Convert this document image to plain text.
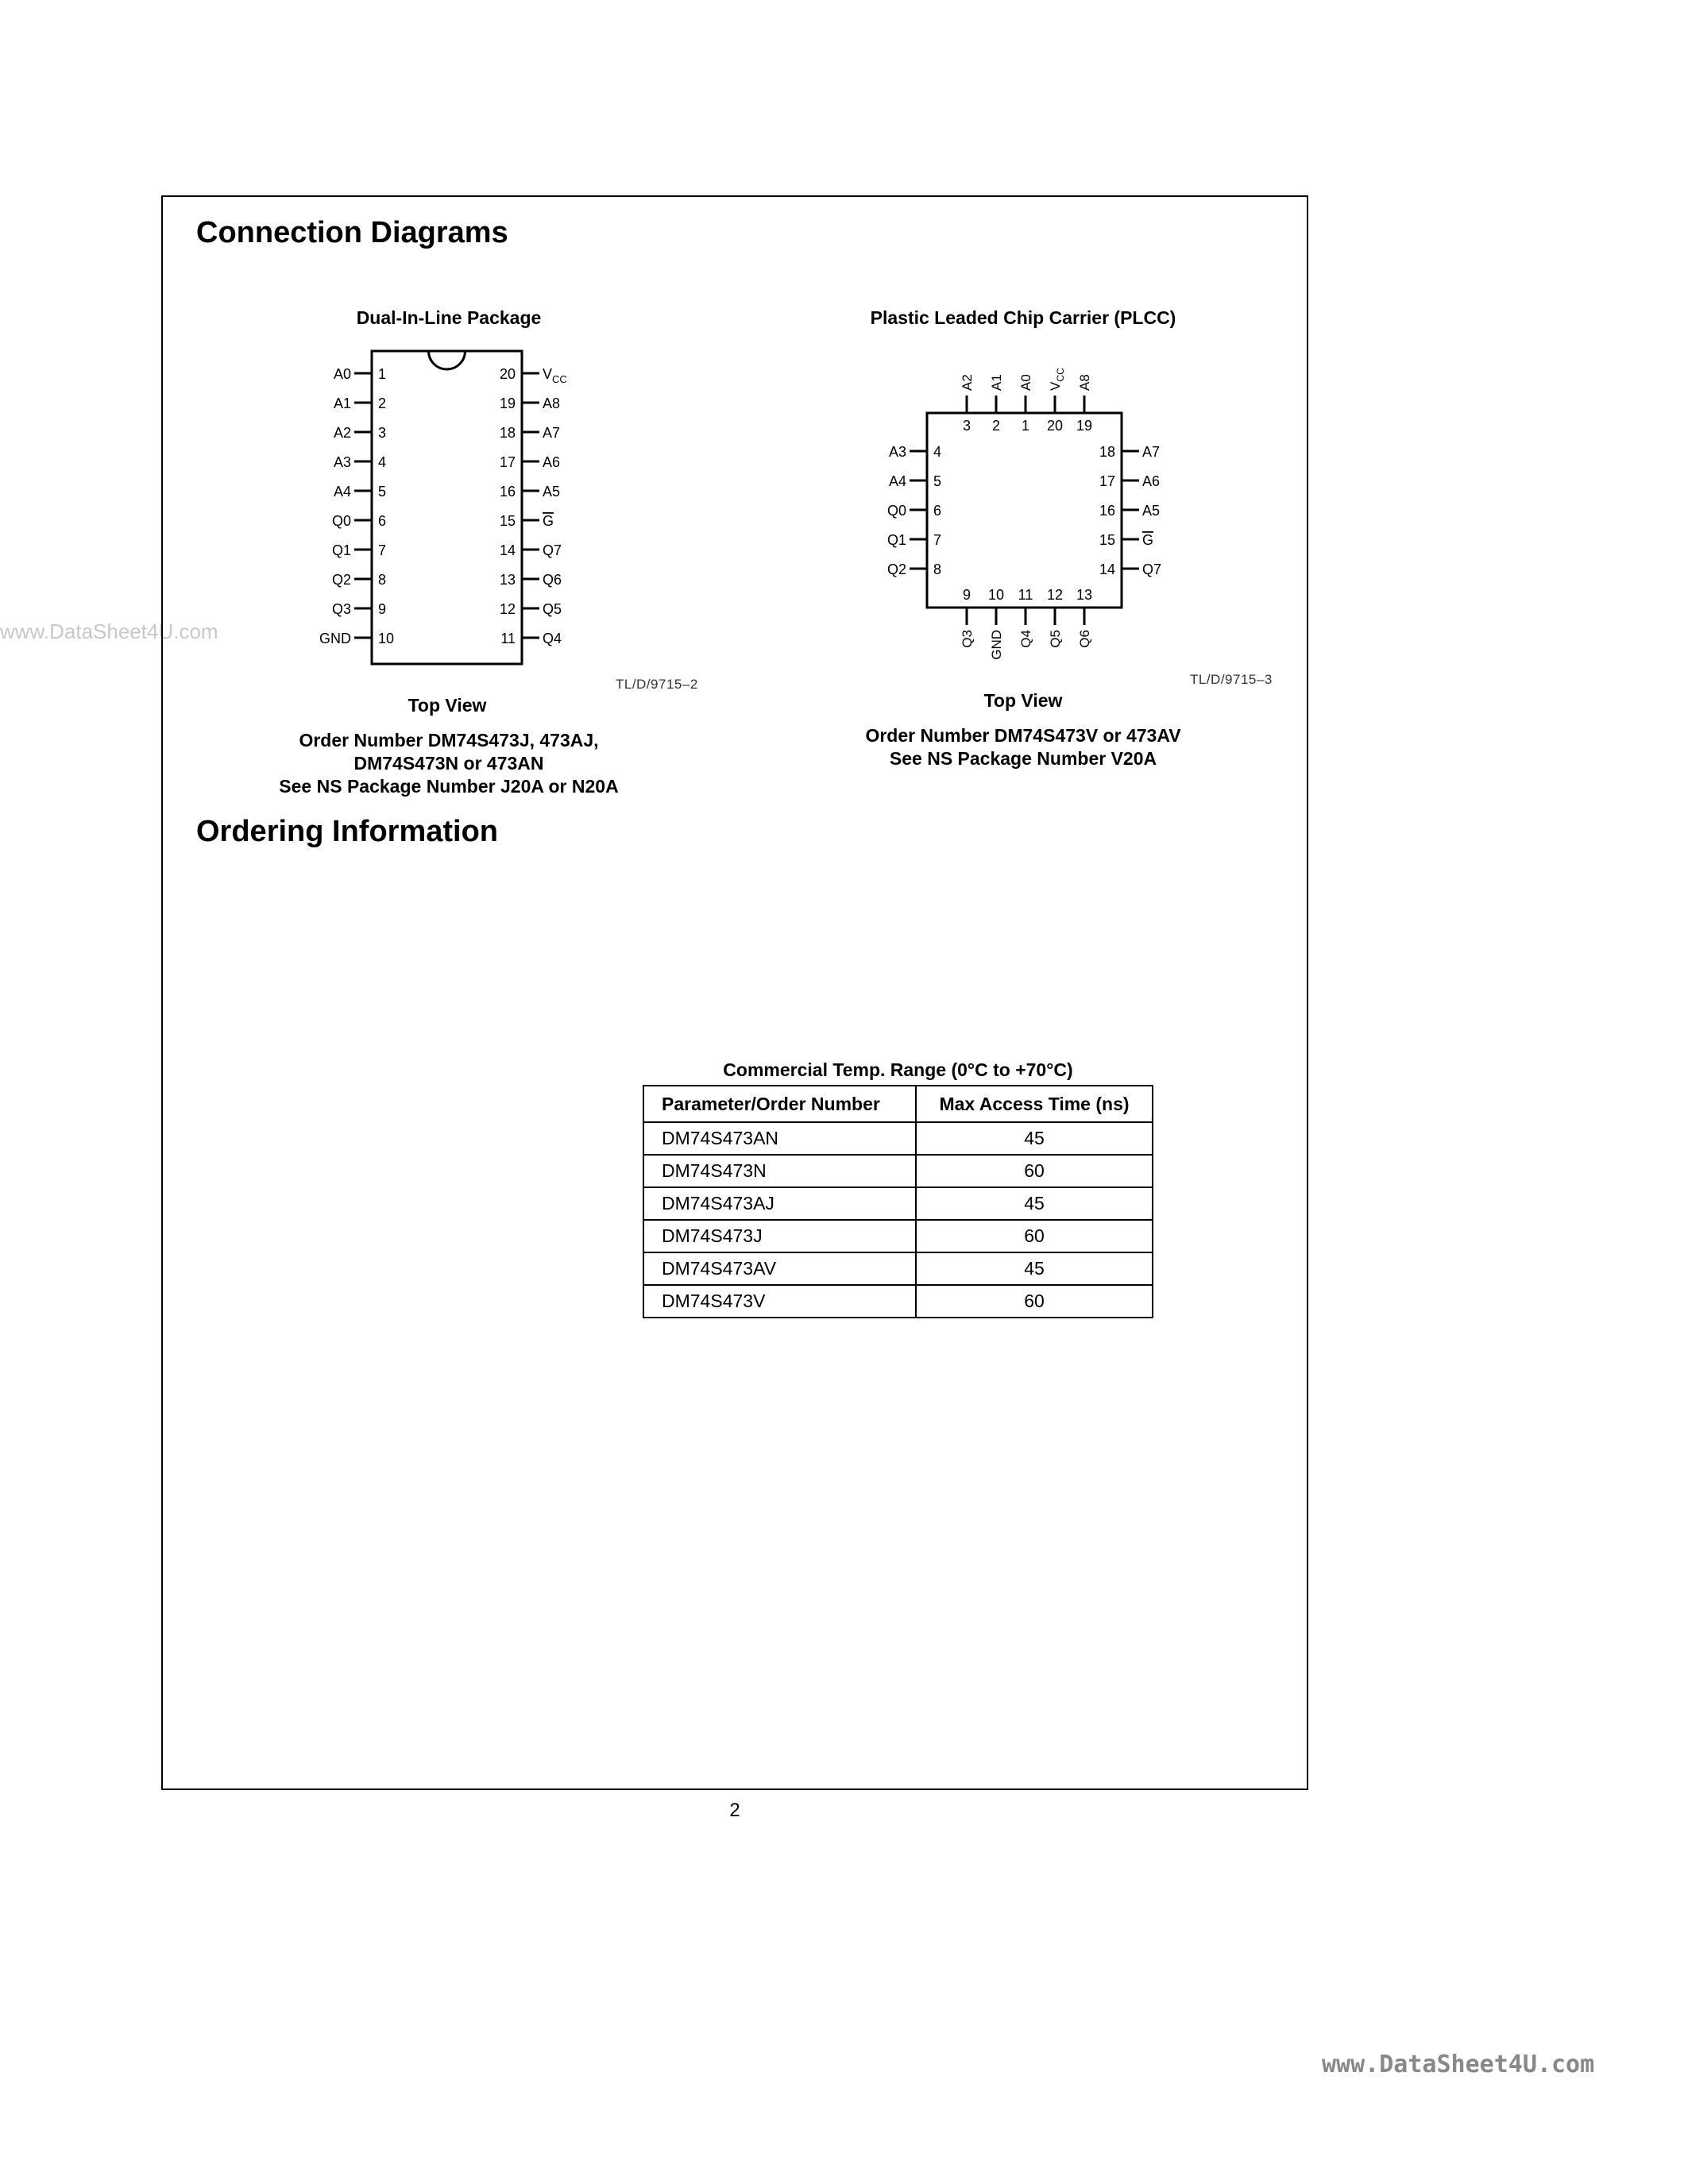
www.DataSheet4U.com
Connection Diagrams
Dual-In-Line Package
A0 1
A1 2
A2 3
A3 4
A4 5
Q0 6
Q1 7
Q2 8
Q3 9
GND 10
$V_{CC}$
20
A8
19
A7
18
A6
17
A5
16
G
15
Q7
14
Q6
13
Q5
12
Q4
11
TL/D/9715–2
Top View
Order Number DM74S473J, 473AJ,
DM74S473N or 473AN
See NS Package Number J20A or N20A
Plastic Leaded Chip Carrier (PLCC)
3
A2
2
A1
1
A0
20
$V_{CC}$
19
A8
9
Q3
10
GND
11
Q4
12
Q5
13
Q6
A3 4
A4 5
Q0 6
Q1 7
Q2 8
A7
18
A6
17
A5
16
G
15
Q7
14
TL/D/9715–3
Top View
Order Number DM74S473V or 473AV
See NS Package Number V20A
Ordering Information
Commercial Temp. Range (0°C to +70°C)
Parameter/Order Number	Max Access Time (ns)
DM74S473AN	45
DM74S473N	60
DM74S473AJ	45
DM74S473J	60
DM74S473AV	45
DM74S473V	60
2
www.DataSheet4U.com
